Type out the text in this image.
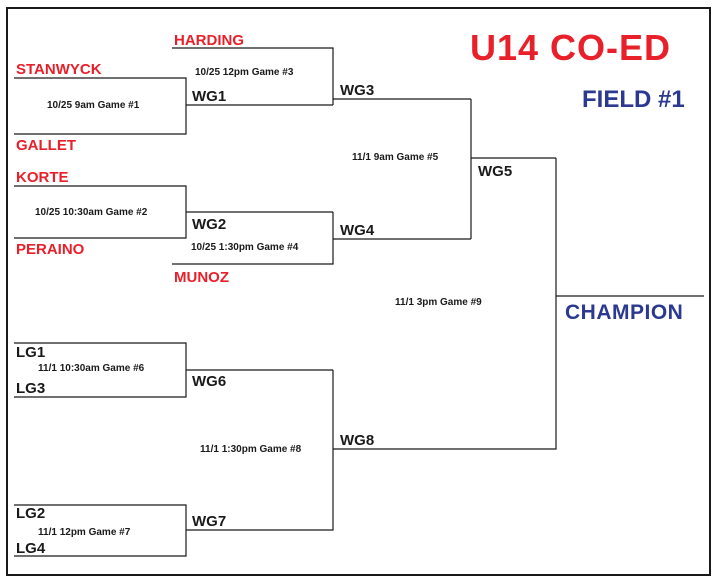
U14 CO-ED
FIELD #1
STANWYCK
GALLET
HARDING
KORTE
PERAINO
MUNOZ
WG1
WG2
WG3
WG4
WG5
WG6
WG7
WG8
LG1
LG3
LG2
LG4
10/25 9am Game #1
10/25 10:30am Game #2
10/25 12pm Game #3
10/25 1:30pm Game #4
11/1 9am Game #5
11/1 10:30am Game #6
11/1 12pm Game #7
11/1 1:30pm Game #8
11/1 3pm Game #9	CHAMPION
